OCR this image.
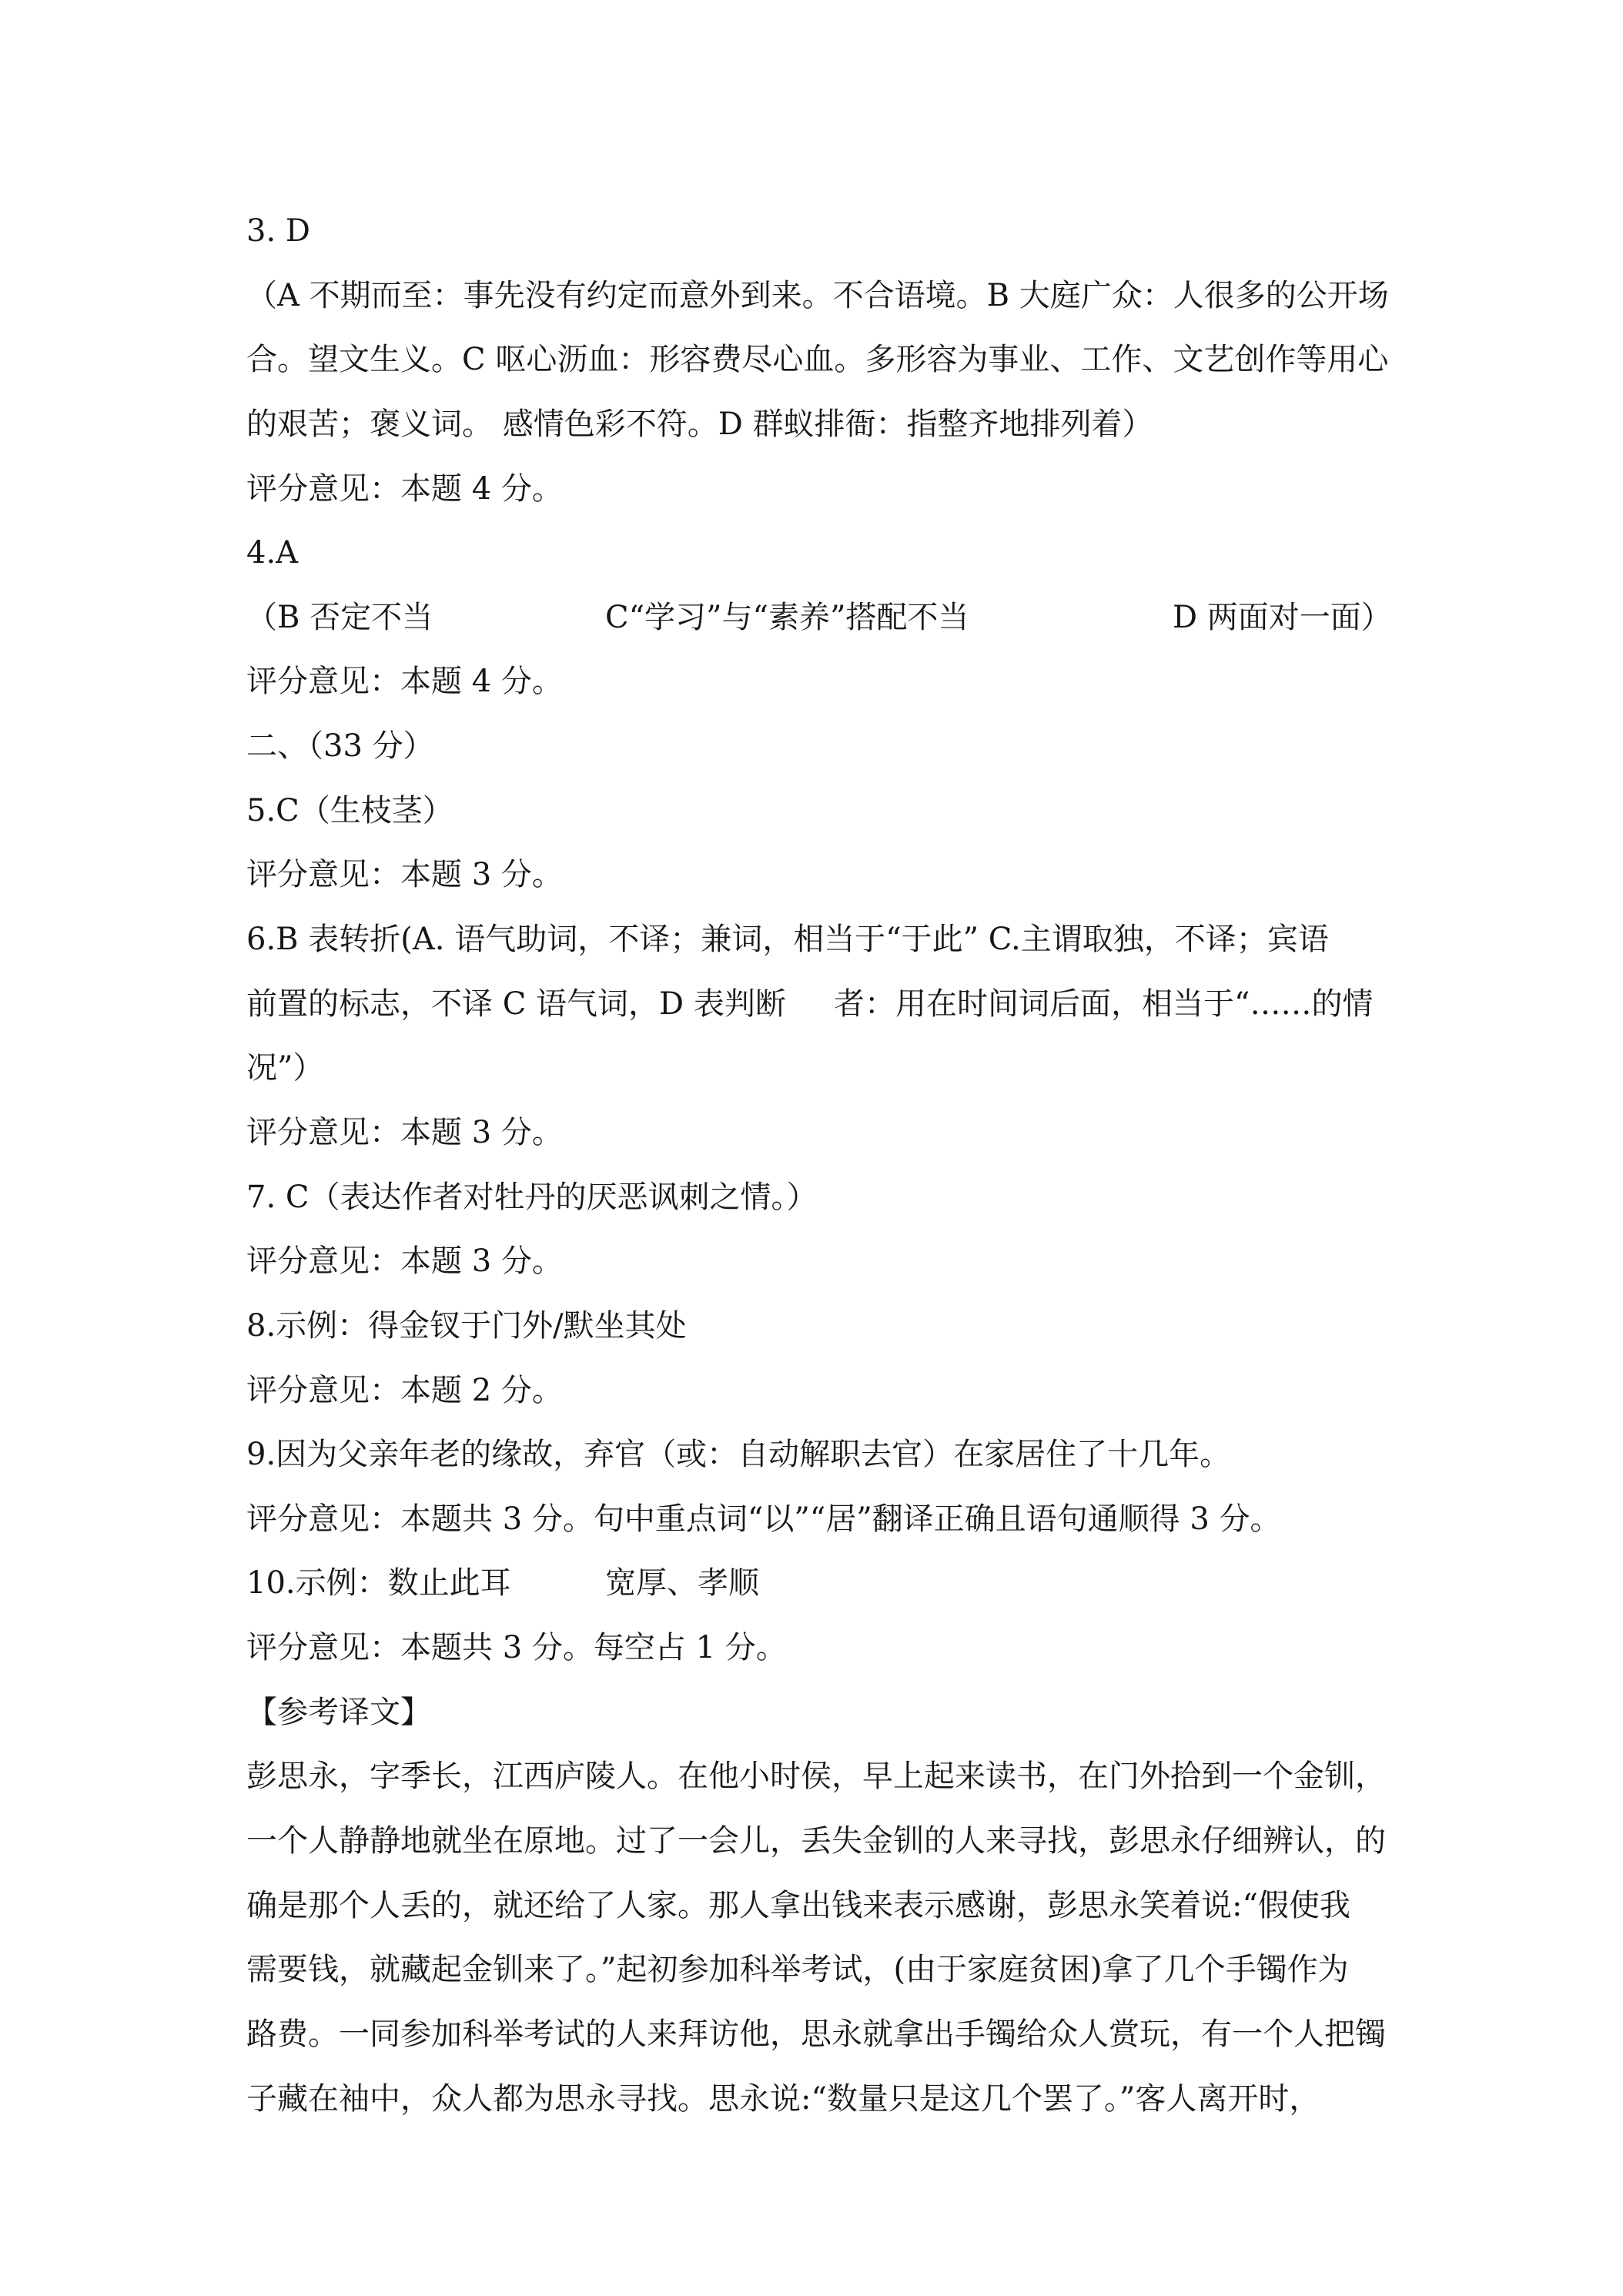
3. D
（A 不期而至：事先没有约定而意外到来。不合语境。B 大庭广众：人很多的公开场
合。望文生义。C 呕心沥血：形容费尽心血。多形容为事业、工作、文艺创作等用心
的艰苦；褒义词。 感情色彩不符。D 群蚁排衙：指整齐地排列着）
评分意见：本题 4 分。
4.A
（B 否定不当	C“学习”与“素养”搭配不当	D 两面对一面）
评分意见：本题 4 分。
二、（33 分）
5.C（生枝茎）
评分意见：本题 3 分。
6.B 表转折(A. 语气助词，不译；兼词，相当于“于此” C.主谓取独，不译；宾语
前置的标志，不译 C 语气词，D 表判断 者：用在时间词后面，相当于“……的情
况”）
评分意见：本题 3 分。
7. C（表达作者对牡丹的厌恶讽刺之情。）
评分意见：本题 3 分。
8.示例：得金钗于门外/默坐其处
评分意见：本题 2 分。
9.因为父亲年老的缘故，弃官（或：自动解职去官）在家居住了十几年。
评分意见：本题共 3 分。句中重点词“以”“居”翻译正确且语句通顺得 3 分。
10.示例：数止此耳	宽厚、孝顺
评分意见：本题共 3 分。每空占 1 分。
【参考译文】
彭思永，字季长，江西庐陵人。在他小时侯，早上起来读书，在门外拾到一个金钏，
一个人静静地就坐在原地。过了一会儿，丢失金钏的人来寻找，彭思永仔细辨认，的
确是那个人丢的，就还给了人家。那人拿出钱来表示感谢，彭思永笑着说:“假使我
需要钱，就藏起金钏来了。”起初参加科举考试，(由于家庭贫困)拿了几个手镯作为
路费。一同参加科举考试的人来拜访他，思永就拿出手镯给众人赏玩，有一个人把镯
子藏在袖中，众人都为思永寻找。思永说:“数量只是这几个罢了。”客人离开时，
